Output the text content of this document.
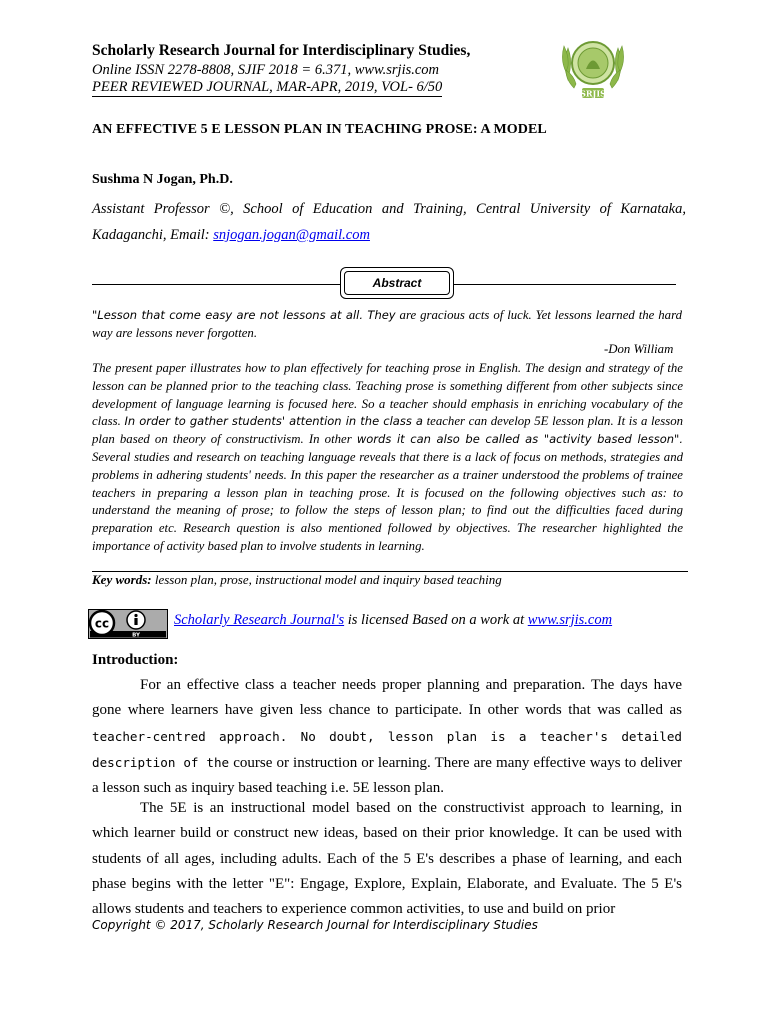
Scholarly Research Journal for Interdisciplinary Studies,
Online ISSN 2278-8808, SJIF 2018 = 6.371, www.srjis.com
PEER REVIEWED JOURNAL, MAR-APR, 2019, VOL- 6/50	SRJIS
AN EFFECTIVE 5 E LESSON PLAN IN TEACHING PROSE: A MODEL
Sushma N Jogan, Ph.D.
Assistant Professor ©, School of Education and Training, Central University of Karnataka, Kadaganchi, Email: snjogan.jogan@gmail.com
Abstract
"Lesson that come easy are not lessons at all. They are gracious acts of luck. Yet lessons learned the hard way are lessons never forgotten.
-Don William
The present paper illustrates how to plan effectively for teaching prose in English. The design and strategy of the lesson can be planned prior to the teaching class. Teaching prose is something different from other subjects since development of language learning is focused here. So a teacher should emphasis in enriching vocabulary of the class. In order to gather students' attention in the class a teacher can develop 5E lesson plan. It is a lesson plan based on theory of constructivism. In other words it can also be called as "activity based lesson". Several studies and research on teaching language reveals that there is a lack of focus on methods, strategies and problems in adhering students' needs. In this paper the researcher as a trainer understood the problems of trainee teachers in preparing a lesson plan in teaching prose. It is focused on the following objectives such as: to understand the meaning of prose; to follow the steps of lesson plan; to find out the difficulties faced during preparation etc. Research question is also mentioned followed by objectives. The researcher highlighted the importance of activity based plan to involve students in learning.
Key words: lesson plan, prose, instructional model and inquiry based teaching
BY
cc	Scholarly Research Journal's is licensed Based on a work at www.srjis.com
Introduction:
For an effective class a teacher needs proper planning and preparation. The days have gone where learners have given less chance to participate. In other words that was called as teacher-centred approach. No doubt, lesson plan is a teacher's detailed description of the course or instruction or learning. There are many effective ways to deliver a lesson such as inquiry based teaching i.e. 5E lesson plan.
The 5E is an instructional model based on the constructivist approach to learning, in which learner build or construct new ideas, based on their prior knowledge. It can be used with students of all ages, including adults. Each of the 5 E's describes a phase of learning, and each phase begins with the letter "E": Engage, Explore, Explain, Elaborate, and Evaluate. The 5 E's allows students and teachers to experience common activities, to use and build on prior
Copyright © 2017, Scholarly Research Journal for Interdisciplinary Studies
